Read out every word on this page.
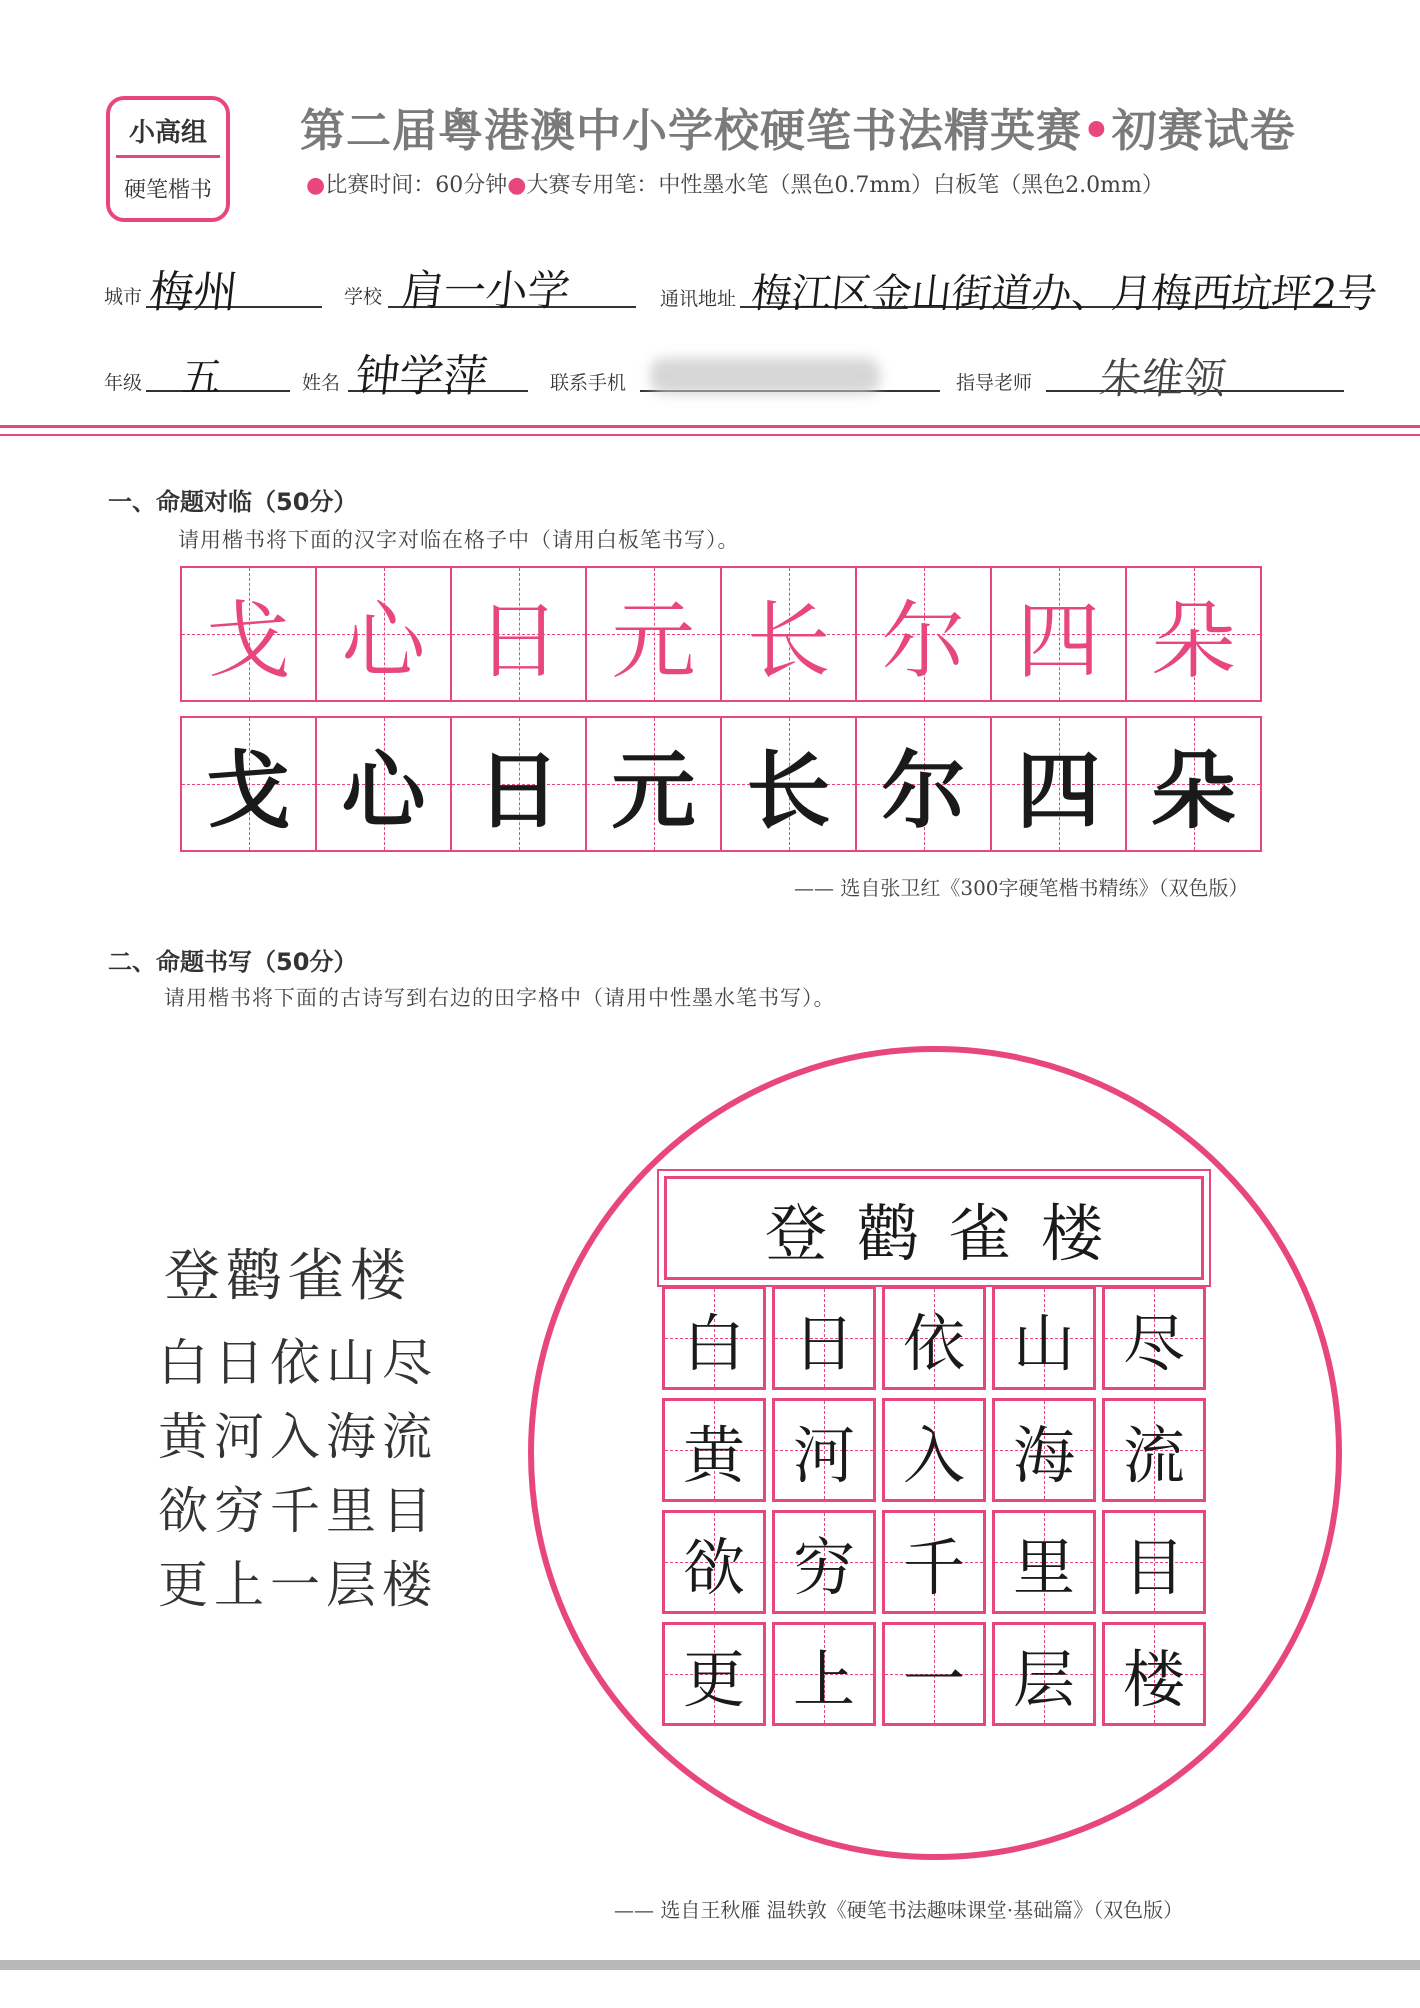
小高组
硬笔楷书
第二届粤港澳中小学校硬笔书法精英赛•初赛试卷
●比赛时间：60分钟●大赛专用笔：中性墨水笔（黑色0.7mm）白板笔（黑色2.0mm）
城市 梅州	学校 肩一小学	通讯地址 梅江区金山街道办、月梅西坑坪2号
年级 五	姓名 钟学萍	联系手机	指导老师 朱维领
一、命题对临（50分）
请用楷书将下面的汉字对临在格子中（请用白板笔书写）。
戈 心 日 元 长 尔 四 朵
戈 心 日 元 长 尔 四 朵
—— 选自张卫红《300字硬笔楷书精练》（双色版）
二、命题书写（50分）
请用楷书将下面的古诗写到右边的田字格中（请用中性墨水笔书写）。
登鹳雀楼
白日依山尽
黄河入海流
欲穷千里目
更上一层楼
登鹳雀楼
白 日 依 山 尽
黄 河 入 海 流
欲 穷 千 里 目
更 上 一 层 楼
—— 选自王秋雁 温轶敦《硬笔书法趣味课堂·基础篇》（双色版）
